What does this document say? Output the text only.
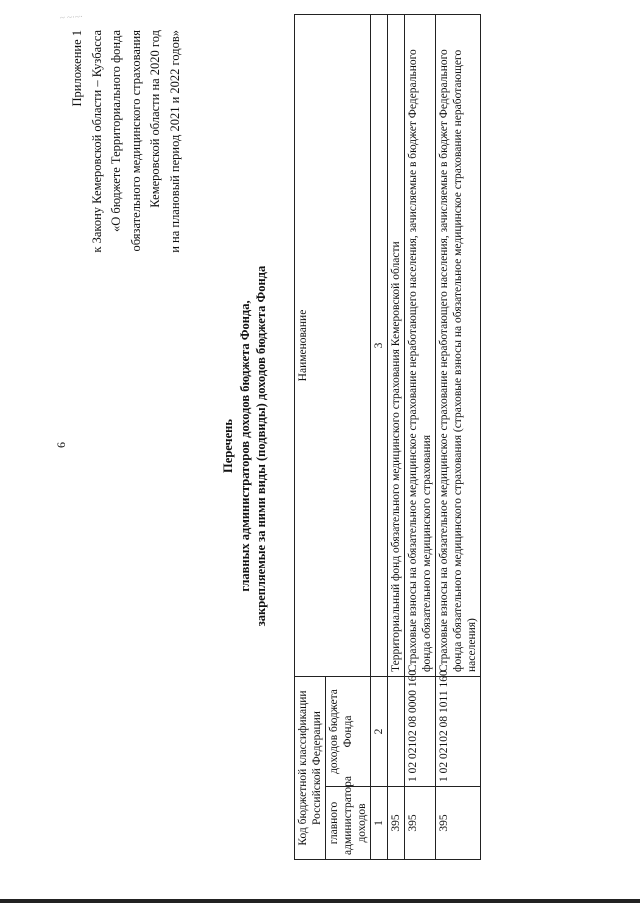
~ ~·~·
6
Приложение 1 к Закону Кемеровской области – Кузбасса «О бюджете Территориального фонда обязательного медицинского страхования Кемеровской области на 2020 год и на плановый период 2021 и 2022 годов»
Перечень главных администраторов доходов бюджета Фонда, закрепляемые за ними виды (подвиды) доходов бюджета Фонда
Код бюджетной классификации Российской Федерации		Наименование
главного администратора доходов	доходов бюджета Фонда	
1	2	3
395		Территориальный фонд обязательного медицинского страхования Кемеровской области
395	1 02 02102 08 0000 160	Страховые взносы на обязательное медицинское страхование неработающего населения, зачисляемые в бюджет Федерального фонда обязательного медицинского страхования
395	1 02 02102 08 1011 160	Страховые взносы на обязательное медицинское страхование неработающего населения, зачисляемые в бюджет Федерального фонда обязательного медицинского страхования (страховые взносы на обязательное медицинское страхование неработающего населения)
